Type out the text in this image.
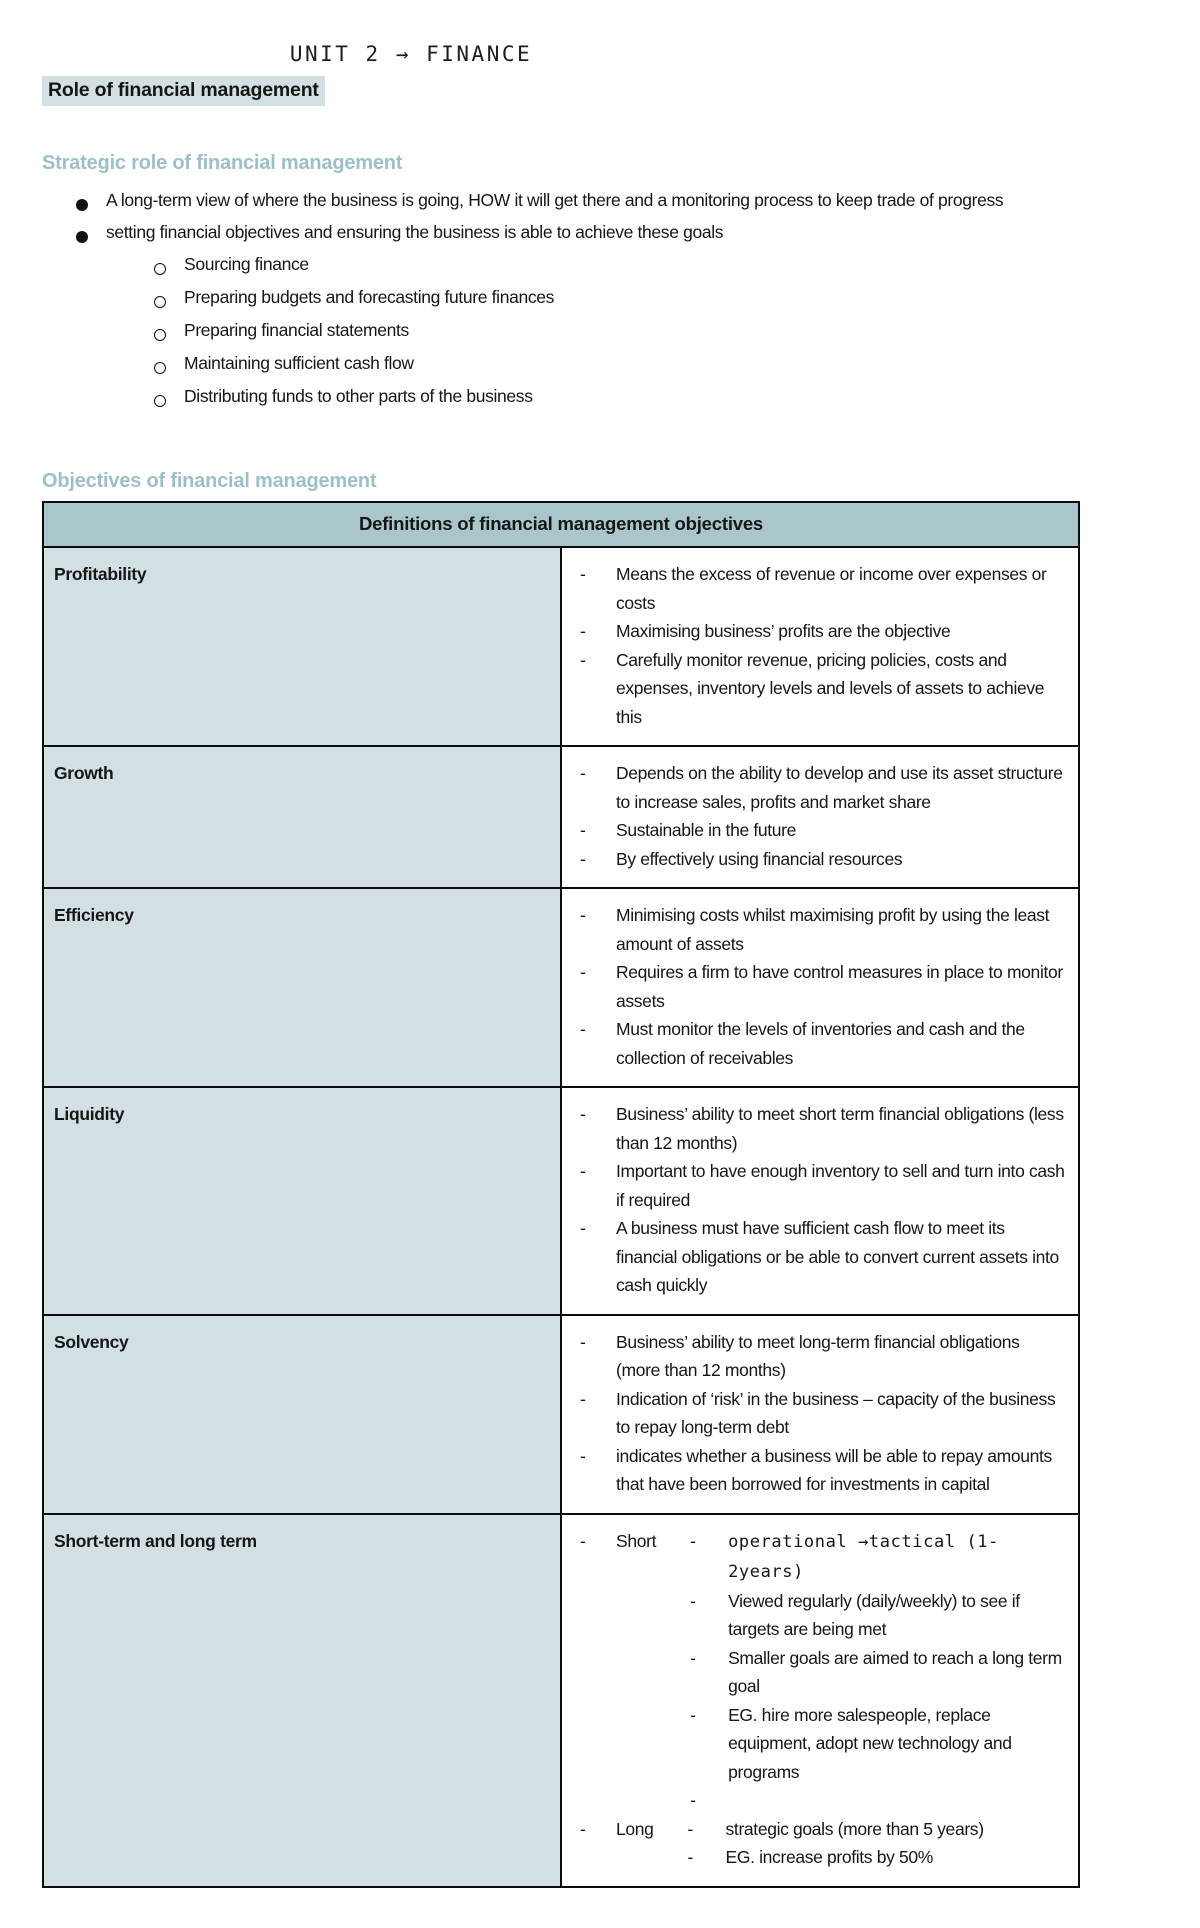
UNIT 2 → FINANCE
Role of financial management
Strategic role of financial management
A long-term view of where the business is going, HOW it will get there and a monitoring process to keep trade of progress
setting financial objectives and ensuring the business is able to achieve these goals
Sourcing finance
Preparing budgets and forecasting future finances
Preparing financial statements
Maintaining sufficient cash flow
Distributing funds to other parts of the business
Objectives of financial management
Definitions of financial management objectives	
Profitability	-	Means the excess of revenue or income over expenses or costs
-	Maximising business’ profits are the objective
-	Carefully monitor revenue, pricing policies, costs and expenses, inventory levels and levels of assets to achieve this

Growth	-	Depends on the ability to develop and use its asset structure to increase sales, profits and market share
-	Sustainable in the future
-	By effectively using financial resources

Efficiency	-	Minimising costs whilst maximising profit by using the least amount of assets
-	Requires a firm to have control measures in place to monitor assets
-	Must monitor the levels of inventories and cash and the collection of receivables

Liquidity	-	Business’ ability to meet short term financial obligations (less than 12 months)
-	Important to have enough inventory to sell and turn into cash if required
-	A business must have sufficient cash flow to meet its financial obligations or be able to convert current assets into cash quickly

Solvency	-	Business’ ability to meet long-term financial obligations (more than 12 months)
-	Indication of ‘risk’ in the business – capacity of the business to repay long-term debt
-	indicates whether a business will be able to repay amounts that have been borrowed for investments in capital

Short-term and long term	-	Short	-	operational →tactical (1-2years)
-	Viewed regularly (daily/weekly) to see if targets are being met
-	Smaller goals are aimed to reach a long term goal
-	EG. hire more salespeople, replace equipment, adopt new technology and programs
-
-	Long	-	strategic goals (more than 5 years)
-	EG. increase profits by 50%
